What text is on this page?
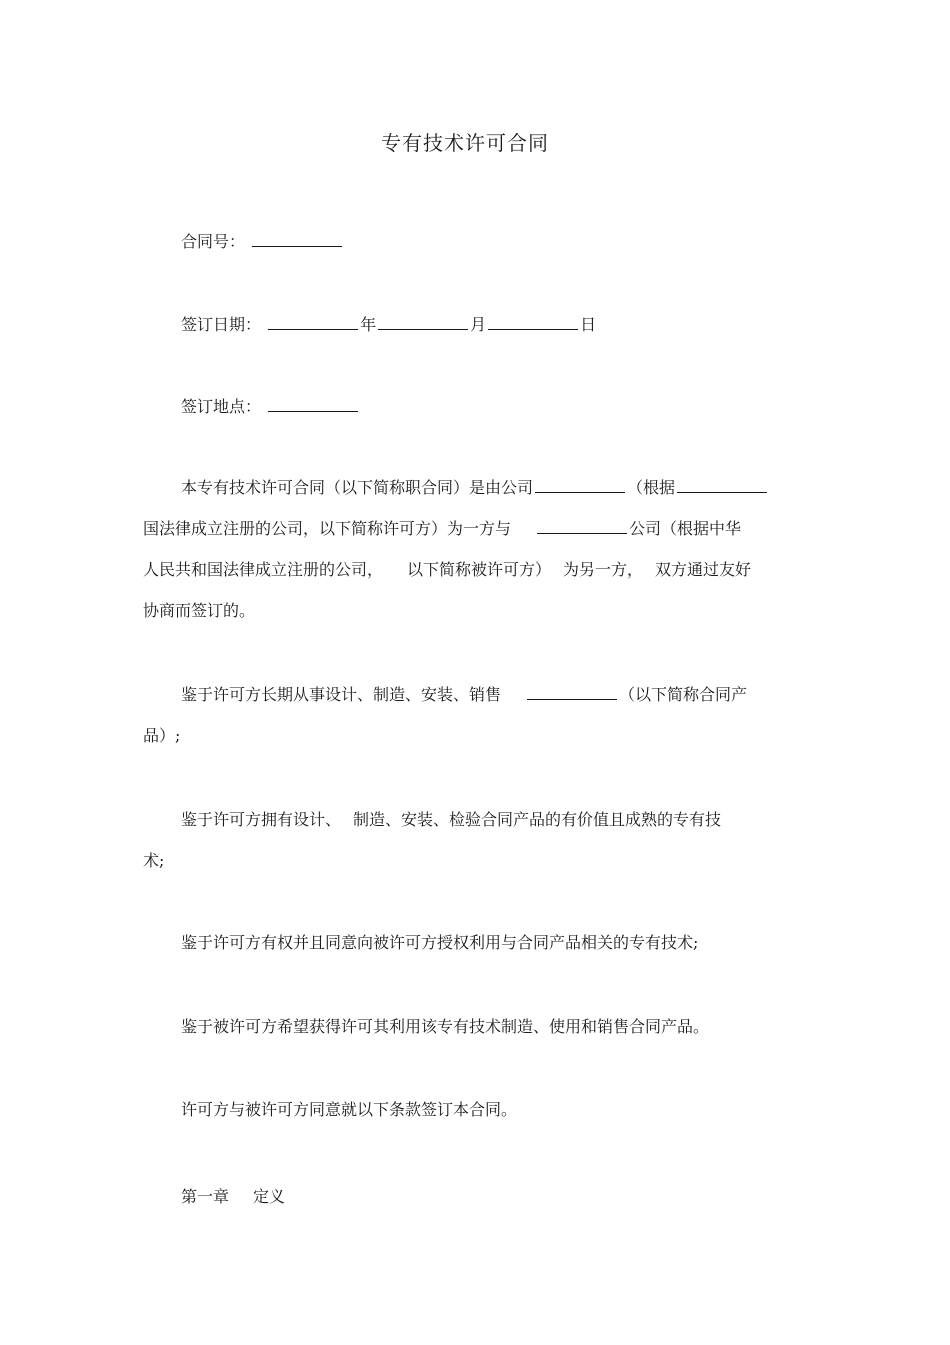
专有技术许可合同
合同号：
签订日期：	年	月	日
签订地点：
本专有技术许可合同（以下简称职合同）是由公司	（根据
国法律成立注册的公司，以下简称许可方）为一方与	公司（根据中华
人民共和国法律成立注册的公司， 以下简称被许可方） 为另一方， 双方通过友好
协商而签订的。
鉴于许可方长期从事设计、制造、安装、销售	（以下简称合同产
品）;
鉴于许可方拥有设计、 制造、安装、检验合同产品的有价值且成熟的专有技
术;
鉴于许可方有权并且同意向被许可方授权利用与合同产品相关的专有技术;
鉴于被许可方希望获得许可其利用该专有技术制造、使用和销售合同产品。
许可方与被许可方同意就以下条款签订本合同。
第一章 定义
